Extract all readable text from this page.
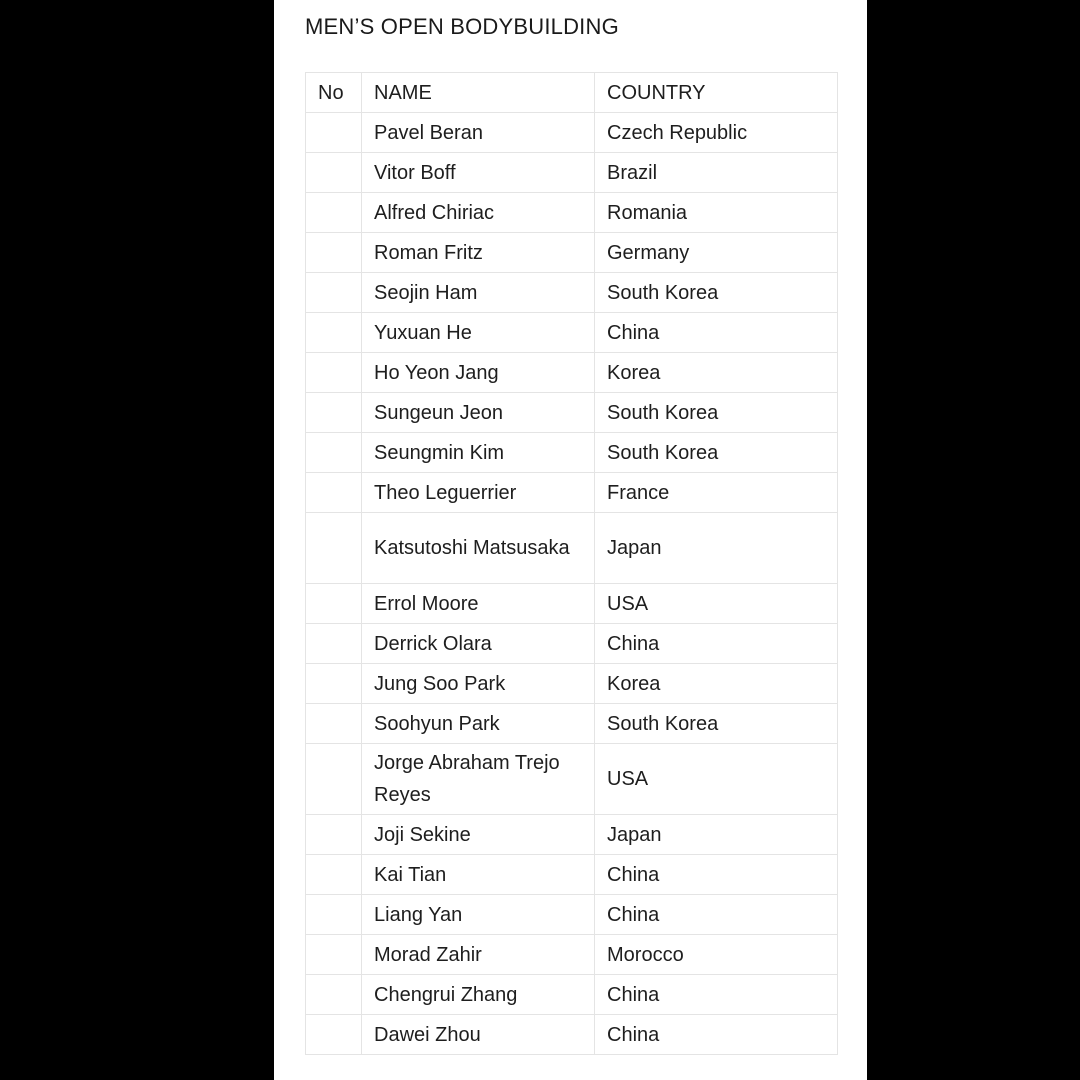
MEN’S OPEN BODYBUILDING
No	NAME	COUNTRY
	Pavel Beran	Czech Republic
	Vitor Boff	Brazil
	Alfred Chiriac	Romania
	Roman Fritz	Germany
	Seojin Ham	South Korea
	Yuxuan He	China
	Ho Yeon Jang	Korea
	Sungeun Jeon	South Korea
	Seungmin Kim	South Korea
	Theo Leguerrier	France
	Katsutoshi Matsusaka	Japan
	Errol Moore	USA
	Derrick Olara	China
	Jung Soo Park	Korea
	Soohyun Park	South Korea
	Jorge Abraham Trejo Reyes	USA
	Joji Sekine	Japan
	Kai Tian	China
	Liang Yan	China
	Morad Zahir	Morocco
	Chengrui Zhang	China
	Dawei Zhou	China
